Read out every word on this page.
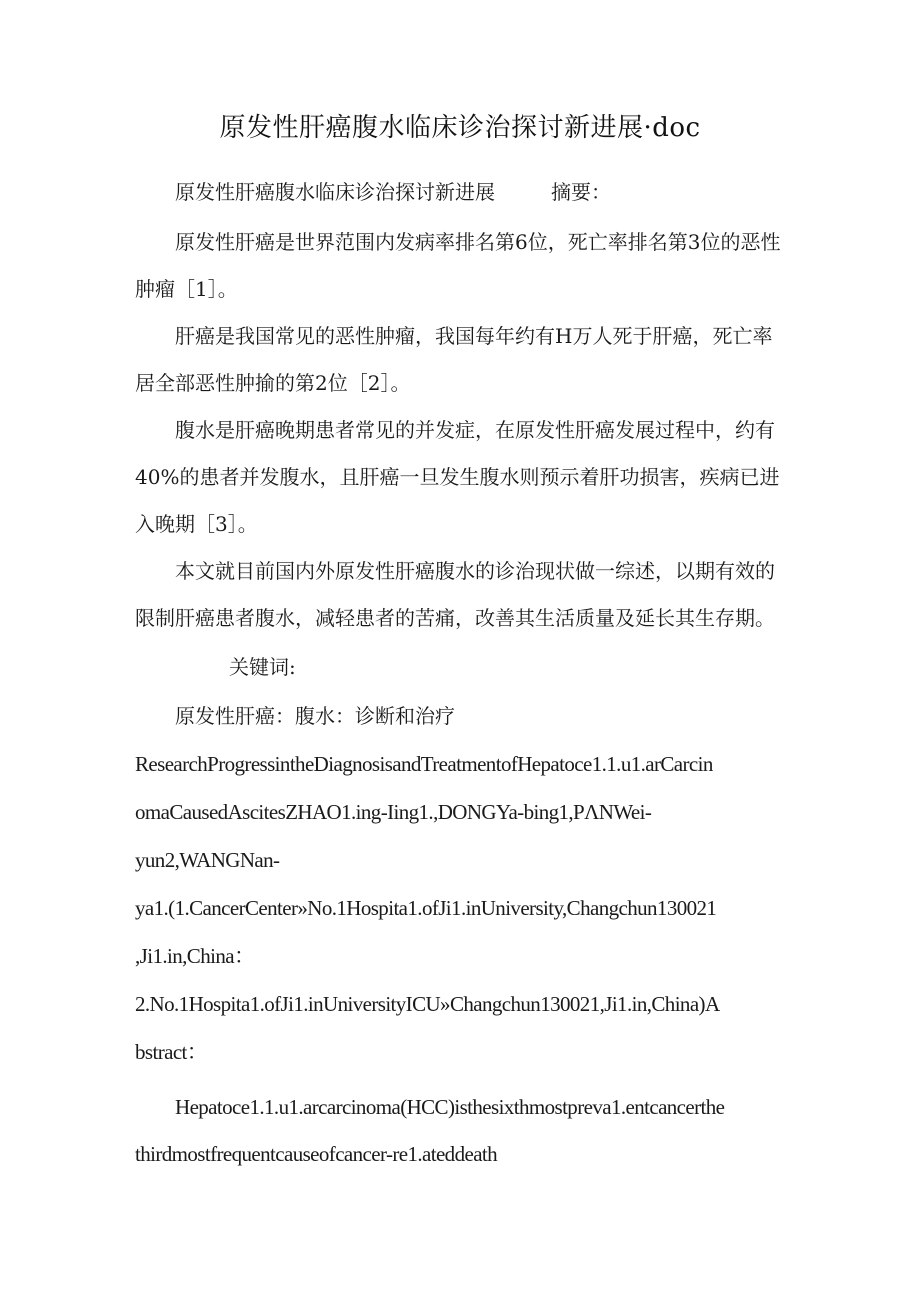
原发性肝癌腹水临床诊治探讨新进展·doc
原发性肝癌腹水临床诊治探讨新进展	摘要：
原发性肝癌是世界范围内发病率排名第6位，死亡率排名第3位的恶性
肿瘤［1］。
肝癌是我国常见的恶性肿瘤，我国每年约有H万人死于肝癌，死亡率
居全部恶性肿揄的第2位［2］。
腹水是肝癌晚期患者常见的并发症，在原发性肝癌发展过程中，约有
40%的患者并发腹水，且肝癌一旦发生腹水则预示着肝功损害，疾病已进
入晚期［3］。
本文就目前国内外原发性肝癌腹水的诊治现状做一综述，以期有效的
限制肝癌患者腹水，减轻患者的苦痛，改善其生活质量及延长其生存期。
关键词:
原发性肝癌：腹水：诊断和治疗
ResearchProgressintheDiagnosisandTreatmentofHepatoce1.1.u1.arCarcin
omaCausedAscitesZHAO1.ing-Iing1.,DONGYa-bing1,PΛNWei-
yun2,WANGNan-
ya1.(1.CancerCenter»No.1Hospita1.ofJi1.inUniversity,Changchun130021
,Ji1.in,China：
2.No.1Hospita1.ofJi1.inUniversityICU»Changchun130021,Ji1.in,China)A
bstract：
Hepatoce1.1.u1.arcarcinoma(HCC)isthesixthmostpreva1.entcancerthe
thirdmostfrequentcauseofcancer-re1.ateddeath
